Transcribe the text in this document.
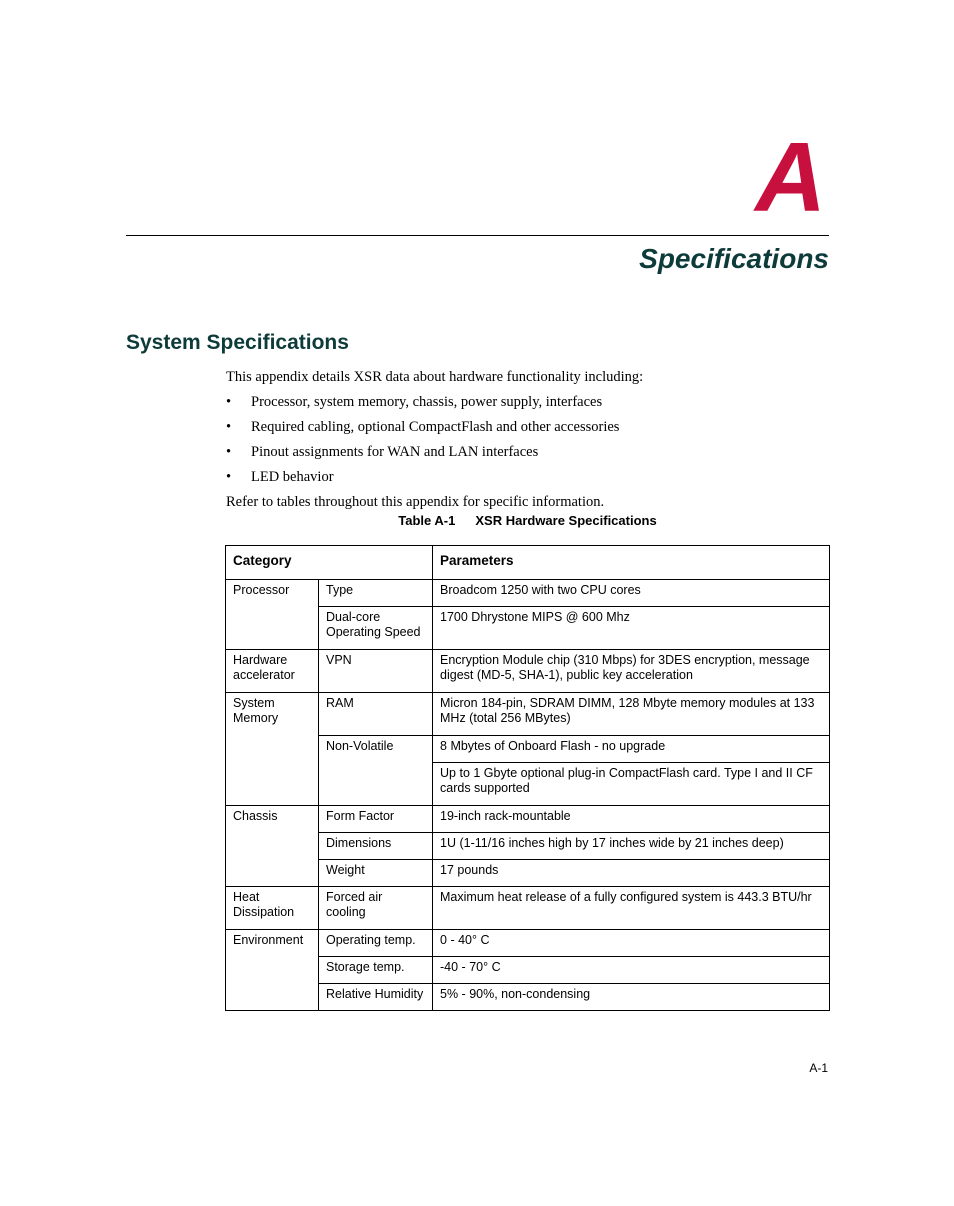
A
Specifications
System Specifications

This appendix details XSR data about hardware functionality including:

• Processor, system memory, chassis, power supply, interfaces
• Required cabling, optional CompactFlash and other accessories
• Pinout assignments for WAN and LAN interfaces
• LED behavior

Refer to tables throughout this appendix for specific information.

Table A-1 XSR Hardware Specifications
Category		Parameters
Processor	Type	Broadcom 1250 with two CPU cores
	Dual-core Operating Speed	1700 Dhrystone MIPS @ 600 Mhz
Hardware accelerator	VPN	Encryption Module chip (310 Mbps) for 3DES encryption, message digest (MD-5, SHA-1), public key acceleration
System Memory	RAM	Micron 184-pin, SDRAM DIMM, 128 Mbyte memory modules at 133 MHz (total 256 MBytes)
	Non-Volatile	8 Mbytes of Onboard Flash - no upgrade
		Up to 1 Gbyte optional plug-in CompactFlash card. Type I and II CF cards supported
Chassis	Form Factor	19-inch rack-mountable
	Dimensions	1U (1-11/16 inches high by 17 inches wide by 21 inches deep)
	Weight	17 pounds
Heat Dissipation	Forced air cooling	Maximum heat release of a fully configured system is 443.3 BTU/hr
Environment	Operating temp.	0 - 40° C
	Storage temp.	-40 - 70° C
	Relative Humidity	5% - 90%, non-condensing
A-1
